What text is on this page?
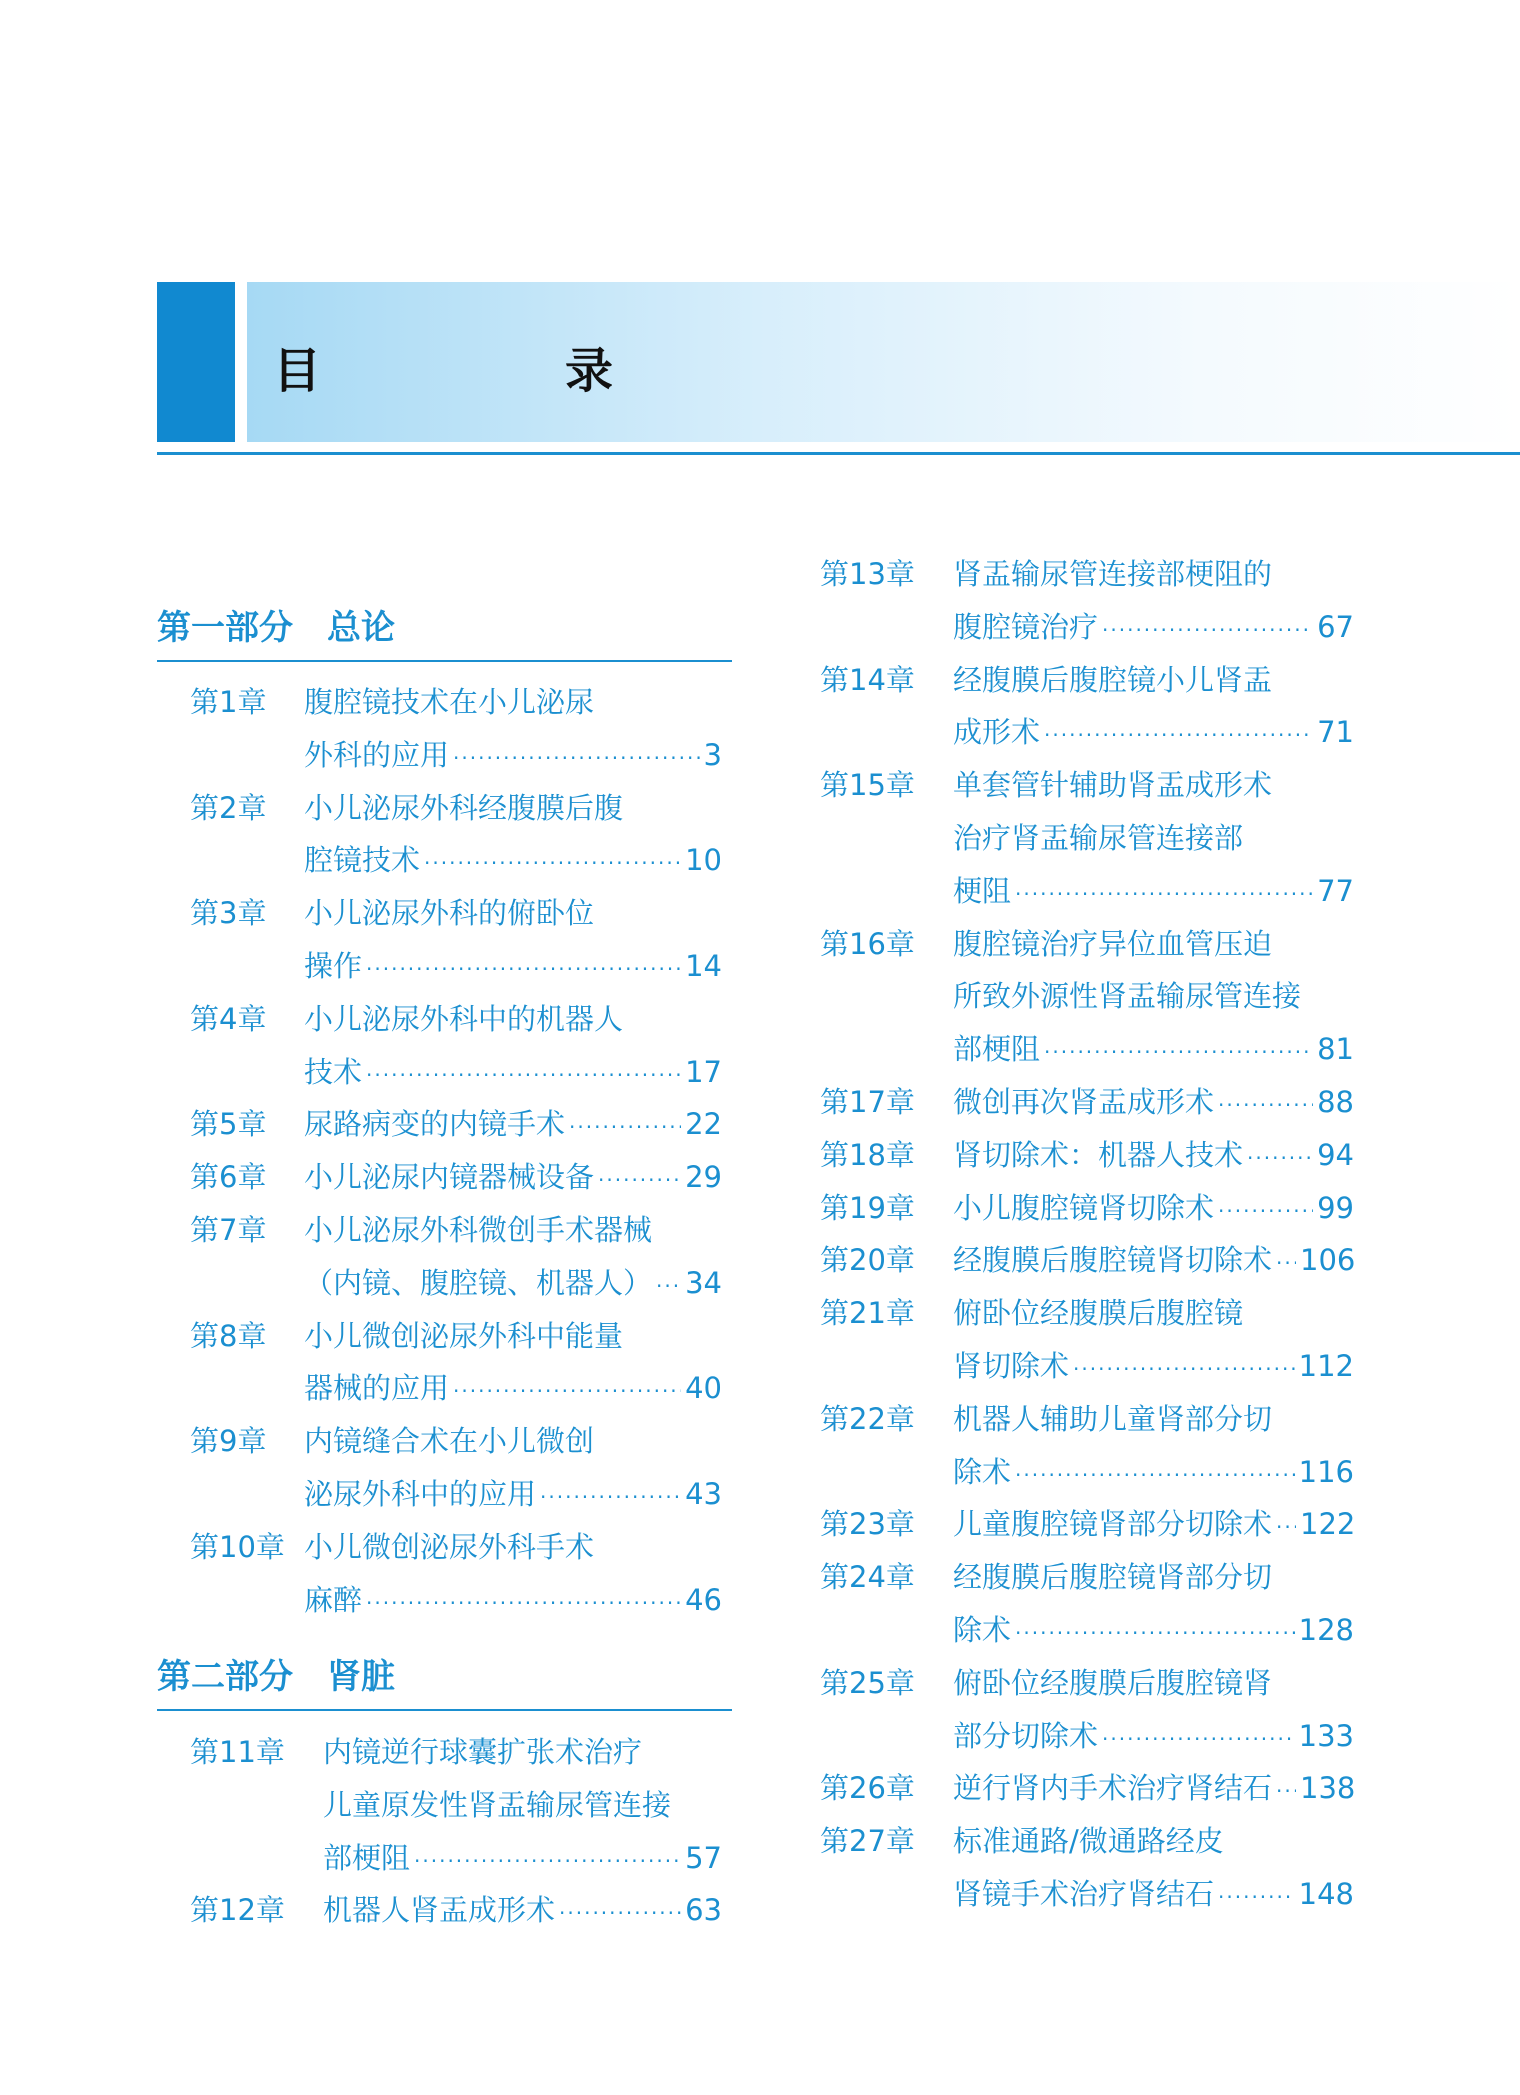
目　录
第一部分　总论
第1章	腹腔镜技术在小儿泌尿
外科的应用 ·····	3
第2章	小儿泌尿外科经腹膜后腹
腔镜技术 ·····	10
第3章	小儿泌尿外科的俯卧位
操作 ·····	14
第4章	小儿泌尿外科中的机器人
技术 ·····	17
第5章	尿路病变的内镜手术 ·····	22
第6章	小儿泌尿内镜器械设备 ·····	29
第7章	小儿泌尿外科微创手术器械
（内镜、腹腔镜、机器人） ····· 34
第8章	小儿微创泌尿外科中能量
器械的应用 ·····	40
第9章	内镜缝合术在小儿微创
泌尿外科中的应用 ·····	43
第10章 小儿微创泌尿外科手术
麻醉 ·····	46
第二部分　肾脏
第11章	内镜逆行球囊扩张术治疗
儿童原发性肾盂输尿管连接
部梗阻 ·····	57
第12章	机器人肾盂成形术 ·····	63
第13章	肾盂输尿管连接部梗阻的
腹腔镜治疗 ·····	67
第14章	经腹膜后腹腔镜小儿肾盂
成形术 ·····	71
第15章	单套管针辅助肾盂成形术
治疗肾盂输尿管连接部
梗阻 ·····	77
第16章	腹腔镜治疗异位血管压迫
所致外源性肾盂输尿管连接
部梗阻 ·····	81
第17章	微创再次肾盂成形术 ·····	88
第18章	肾切除术：机器人技术 ·····	94
第19章	小儿腹腔镜肾切除术 ·····	99
第20章	经腹膜后腹腔镜肾切除术 ····· 106
第21章	俯卧位经腹膜后腹腔镜
肾切除术 ·····	112
第22章	机器人辅助儿童肾部分切
除术 ·····	116
第23章	儿童腹腔镜肾部分切除术 ····· 122
第24章	经腹膜后腹腔镜肾部分切
除术 ·····	128
第25章	俯卧位经腹膜后腹腔镜肾
部分切除术 ·····	133
第26章	逆行肾内手术治疗肾结石 ····· 138
第27章	标准通路/微通路经皮
肾镜手术治疗肾结石 ·····	148
